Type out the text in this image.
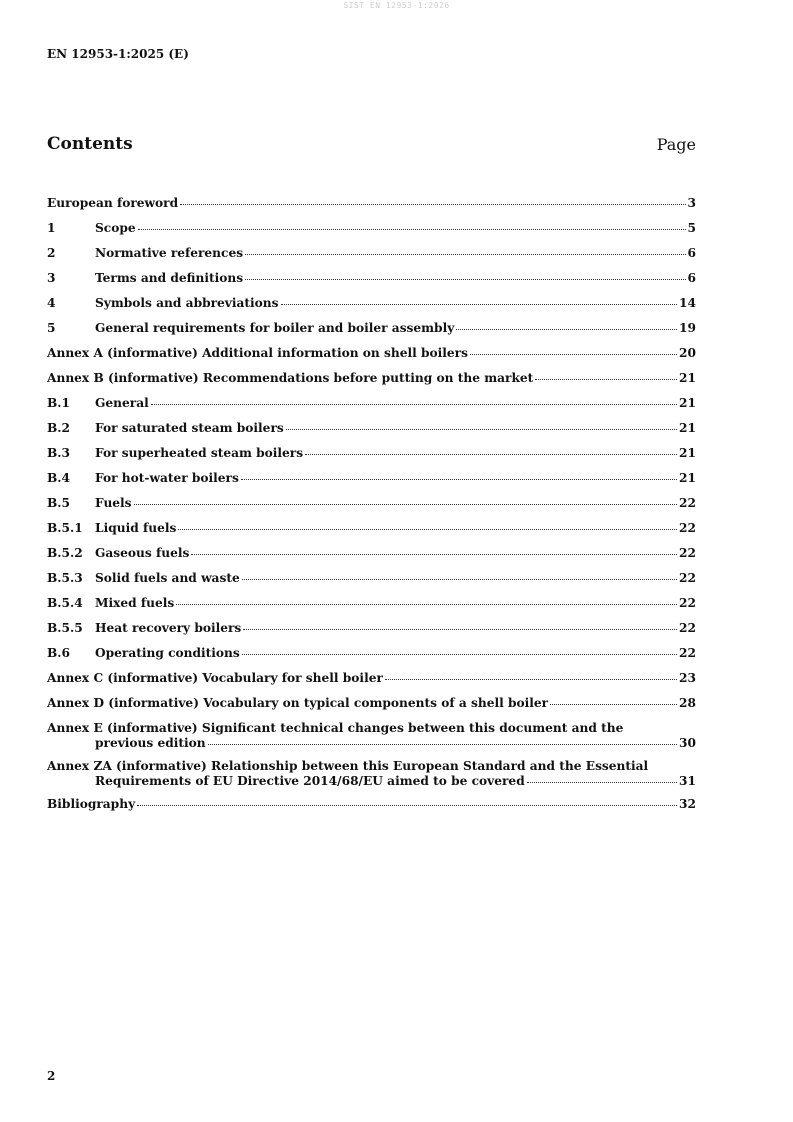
SIST EN 12953-1:2026
EN 12953-1:2025 (E)
Contents	Page
European foreword	3
1	Scope	5
2	Normative references	6
3	Terms and definitions	6
4	Symbols and abbreviations	14
5	General requirements for boiler and boiler assembly	19
Annex A (informative) Additional information on shell boilers	20
Annex B (informative) Recommendations before putting on the market	21
B.1	General	21
B.2	For saturated steam boilers	21
B.3	For superheated steam boilers	21
B.4	For hot-water boilers	21
B.5	Fuels	22
B.5.1	Liquid fuels	22
B.5.2	Gaseous fuels	22
B.5.3	Solid fuels and waste	22
B.5.4	Mixed fuels	22
B.5.5	Heat recovery boilers	22
B.6	Operating conditions	22
Annex C (informative) Vocabulary for shell boiler	23
Annex D (informative) Vocabulary on typical components of a shell boiler	28
Annex E (informative) Significant technical changes between this document and the
previous edition	30
Annex ZA (informative) Relationship between this European Standard and the Essential
Requirements of EU Directive 2014/68/EU aimed to be covered	31
Bibliography	32
2
